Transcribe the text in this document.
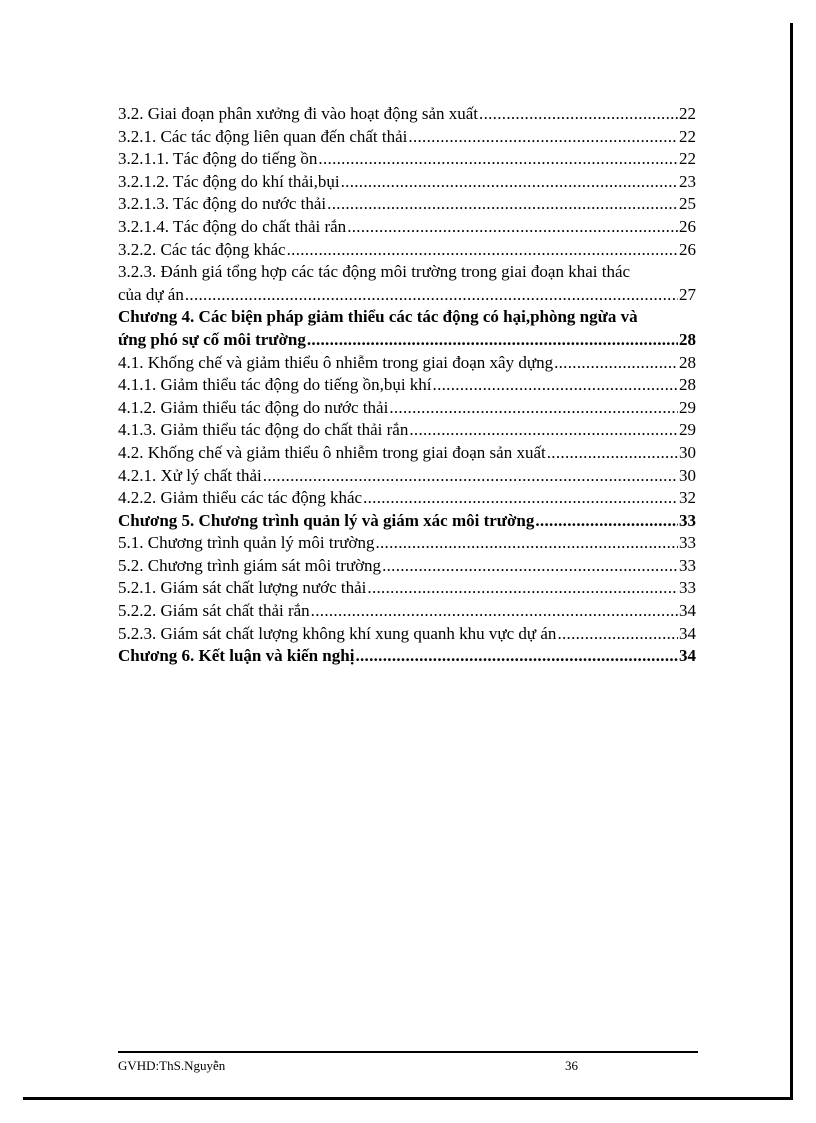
3.2. Giai đoạn phân xưởng đi vào hoạt động sản xuất .....	22
3.2.1. Các tác động liên quan đến chất thải .....	22
3.2.1.1. Tác động do tiếng ồn .....	22
3.2.1.2. Tác động do khí thải,bụi .....	23
3.2.1.3. Tác động do nước thải .....	25
3.2.1.4. Tác động do chất thải rắn .....	26
3.2.2. Các tác động khác .....	26
3.2.3. Đánh giá tổng hợp các tác động môi trường trong giai đoạn khai thác
của dự án .....	27
Chương 4. Các biện pháp giảm thiểu các tác động có hại,phòng ngừa và
ứng phó sự cố môi trường .....	28
4.1. Khống chế và giảm thiểu ô nhiễm trong giai đoạn xây dựng .....	28
4.1.1. Giảm thiểu tác động do tiếng ồn,bụi khí .....	28
4.1.2. Giảm thiểu tác động do nước thải .....	29
4.1.3. Giảm thiểu tác động do chất thải rắn .....	29
4.2. Khống chế và giảm thiểu ô nhiễm trong giai đoạn sản xuất .....	30
4.2.1. Xử lý chất thải .....	30
4.2.2. Giảm thiểu các tác động khác .....	32
Chương 5. Chương trình quản lý và giám xác môi trường .....	33
5.1. Chương trình quản lý môi trường .....	33
5.2. Chương trình giám sát môi trường .....	33
5.2.1. Giám sát chất lượng nước thải .....	33
5.2.2. Giám sát chất thải rắn .....	34
5.2.3. Giám sát chất lượng không khí xung quanh khu vực dự án .....	34
Chương 6. Kết luận và kiến nghị .....	34
GVHD:ThS.Nguyễn	36
